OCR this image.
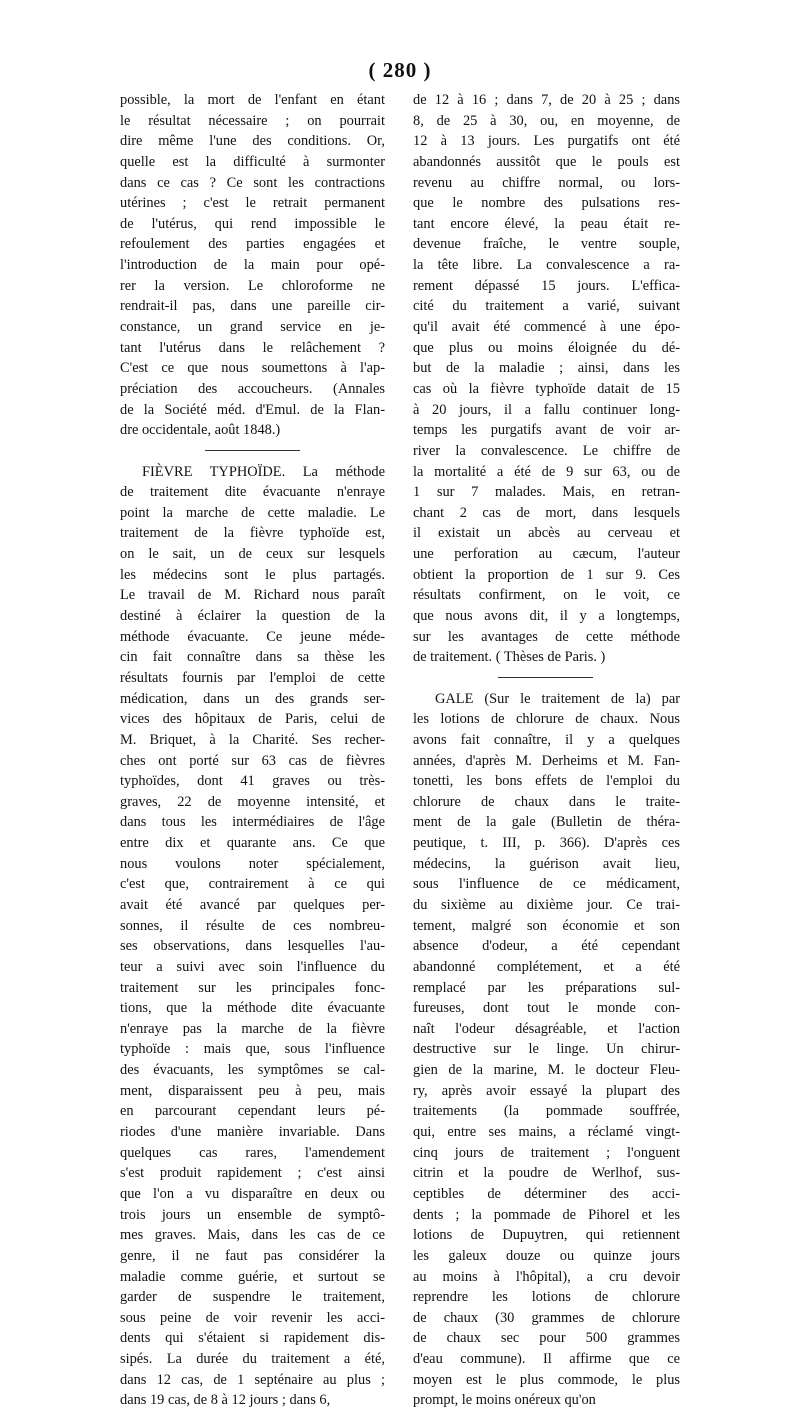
( 280 )
possible, la mort de l'enfant en étant
le résultat nécessaire ; on pourrait
dire même l'une des conditions. Or,
quelle est la difficulté à surmonter
dans ce cas ? Ce sont les contractions
utérines ; c'est le retrait permanent
de l'utérus, qui rend impossible le
refoulement des parties engagées et
l'introduction de la main pour opé-
rer la version. Le chloroforme ne
rendrait-il pas, dans une pareille cir-
constance, un grand service en je-
tant l'utérus dans le relâchement ?
C'est ce que nous soumettons à l'ap-
préciation des accoucheurs. (Annales
de la Société méd. d'Emul. de la Flan-
dre occidentale, août 1848.)
FIÈVRE TYPHOÏDE. La méthode
de traitement dite évacuante n'enraye
point la marche de cette maladie. Le
traitement de la fièvre typhoïde est,
on le sait, un de ceux sur lesquels
les médecins sont le plus partagés.
Le travail de M. Richard nous paraît
destiné à éclairer la question de la
méthode évacuante. Ce jeune méde-
cin fait connaître dans sa thèse les
résultats fournis par l'emploi de cette
médication, dans un des grands ser-
vices des hôpitaux de Paris, celui de
M. Briquet, à la Charité. Ses recher-
ches ont porté sur 63 cas de fièvres
typhoïdes, dont 41 graves ou très-
graves, 22 de moyenne intensité, et
dans tous les intermédiaires de l'âge
entre dix et quarante ans. Ce que
nous voulons noter spécialement,
c'est que, contrairement à ce qui
avait été avancé par quelques per-
sonnes, il résulte de ces nombreu-
ses observations, dans lesquelles l'au-
teur a suivi avec soin l'influence du
traitement sur les principales fonc-
tions, que la méthode dite évacuante
n'enraye pas la marche de la fièvre
typhoïde : mais que, sous l'influence
des évacuants, les symptômes se cal-
ment, disparaissent peu à peu, mais
en parcourant cependant leurs pé-
riodes d'une manière invariable. Dans
quelques cas rares, l'amendement
s'est produit rapidement ; c'est ainsi
que l'on a vu disparaître en deux ou
trois jours un ensemble de symptô-
mes graves. Mais, dans les cas de ce
genre, il ne faut pas considérer la
maladie comme guérie, et surtout se
garder de suspendre le traitement,
sous peine de voir revenir les acci-
dents qui s'étaient si rapidement dis-
sipés. La durée du traitement a été,
dans 12 cas, de 1 septénaire au plus ;
dans 19 cas, de 8 à 12 jours ; dans 6,
de 12 à 16 ; dans 7, de 20 à 25 ; dans
8, de 25 à 30, ou, en moyenne, de
12 à 13 jours. Les purgatifs ont été
abandonnés aussitôt que le pouls est
revenu au chiffre normal, ou lors-
que le nombre des pulsations res-
tant encore élevé, la peau était re-
devenue fraîche, le ventre souple,
la tête libre. La convalescence a ra-
rement dépassé 15 jours. L'effica-
cité du traitement a varié, suivant
qu'il avait été commencé à une épo-
que plus ou moins éloignée du dé-
but de la maladie ; ainsi, dans les
cas où la fièvre typhoïde datait de 15
à 20 jours, il a fallu continuer long-
temps les purgatifs avant de voir ar-
river la convalescence. Le chiffre de
la mortalité a été de 9 sur 63, ou de
1 sur 7 malades. Mais, en retran-
chant 2 cas de mort, dans lesquels
il existait un abcès au cerveau et
une perforation au cæcum, l'auteur
obtient la proportion de 1 sur 9. Ces
résultats confirment, on le voit, ce
que nous avons dit, il y a longtemps,
sur les avantages de cette méthode
de traitement. ( Thèses de Paris. )
GALE (Sur le traitement de la) par
les lotions de chlorure de chaux. Nous
avons fait connaître, il y a quelques
années, d'après M. Derheims et M. Fan-
tonetti, les bons effets de l'emploi du
chlorure de chaux dans le traite-
ment de la gale (Bulletin de théra-
peutique, t. III, p. 366). D'après ces
médecins, la guérison avait lieu,
sous l'influence de ce médicament,
du sixième au dixième jour. Ce trai-
tement, malgré son économie et son
absence d'odeur, a été cependant
abandonné complétement, et a été
remplacé par les préparations sul-
fureuses, dont tout le monde con-
naît l'odeur désagréable, et l'action
destructive sur le linge. Un chirur-
gien de la marine, M. le docteur Fleu-
ry, après avoir essayé la plupart des
traitements (la pommade souffrée,
qui, entre ses mains, a réclamé vingt-
cinq jours de traitement ; l'onguent
citrin et la poudre de Werlhof, sus-
ceptibles de déterminer des acci-
dents ; la pommade de Pihorel et les
lotions de Dupuytren, qui retiennent
les galeux douze ou quinze jours
au moins à l'hôpital), a cru devoir
reprendre les lotions de chlorure
de chaux (30 grammes de chlorure
de chaux sec pour 500 grammes
d'eau commune). Il affirme que ce
moyen est le plus commode, le plus
prompt, le moins onéreux qu'on
